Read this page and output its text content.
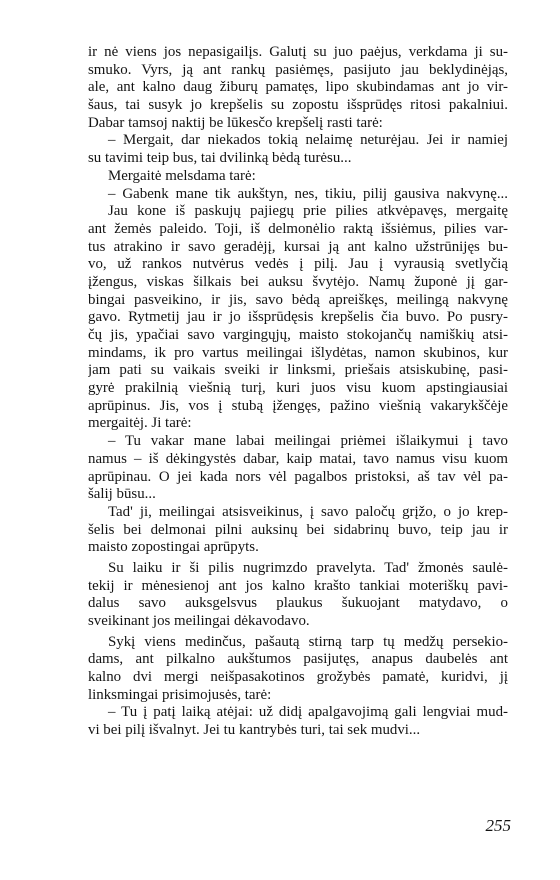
ir nė viens jos nepasigailįs. Galutį su juo paėjus, verkdama ji su-
smuko. Vyrs, ją ant rankų pasiėmęs, pasijuto jau beklydinėjąs,
ale, ant kalno daug žiburų pamatęs, lipo skubindamas ant jo vir-
šaus, tai susyk jo krepšelis su zopostu išsprūdęs ritosi pakalniui.
Dabar tamsoj naktij be lūkesčo krepšelį rasti tarė:
– Mergait, dar niekados tokią nelaimę neturėjau. Jei ir namiej
su tavimi teip bus, tai dvilinką bėdą turėsu...
Mergaitė melsdama tarė:
– Gabenk mane tik aukštyn, nes, tikiu, pilij gausiva nakvynę...
Jau kone iš paskujų pajiegų prie pilies atkvėpavęs, mergaitę
ant žemės paleido. Toji, iš delmonėlio raktą išsiėmus, pilies var-
tus atrakino ir savo geradėjį, kursai ją ant kalno užstrūnijęs bu-
vo, už rankos nutvėrus vedės į pilį. Jau į vyrausią svetlyčią
įžengus, viskas šilkais bei auksu švytėjo. Namų župonė jį gar-
bingai pasveikino, ir jis, savo bėdą apreiškęs, meilingą nakvynę
gavo. Rytmetij jau ir jo išsprūdęsis krepšelis čia buvo. Po pusry-
čų jis, ypačiai savo vargingųjų, maisto stokojančų namiškių atsi-
mindams, ik pro vartus meilingai išlydėtas, namon skubinos, kur
jam pati su vaikais sveiki ir linksmi, priešais atsiskubinę, pasi-
gyrė prakilnią viešnią turį, kuri juos visu kuom apstingiausiai
aprūpinus. Jis, vos į stubą įžengęs, pažino viešnią vakarykščėje
mergaitėj. Ji tarė:
– Tu vakar mane labai meilingai priėmei išlaikymui į tavo
namus – iš dėkingystės dabar, kaip matai, tavo namus visu kuom
aprūpinau. O jei kada nors vėl pagalbos pristoksi, aš tav vėl pa-
šalij būsu...
Tad' ji, meilingai atsisveikinus, į savo paločų grįžo, o jo krep-
šelis bei delmonai pilni auksinų bei sidabrinų buvo, teip jau ir
maisto zopostingai aprūpyts.
Su laiku ir ši pilis nugrimzdo pravelyta. Tad' žmonės saulė-
tekij ir mėnesienoj ant jos kalno krašto tankiai moteriškų pavi-
dalus savo auksgelsvus plaukus šukuojant matydavo, o
sveikinant jos meilingai dėkavodavo.
Sykį viens medinčus, pašautą stirną tarp tų medžų persekio-
dams, ant pilkalno aukštumos pasijutęs, anapus daubelės ant
kalno dvi mergi neišpasakotinos grožybės pamatė, kuridvi, jį
linksmingai prisimojusės, tarė:
– Tu į patį laiką atėjai: už didį apalgavojimą gali lengviai mud-
vi bei pilį išvalnyt. Jei tu kantrybės turi, tai sek mudvi...
255
